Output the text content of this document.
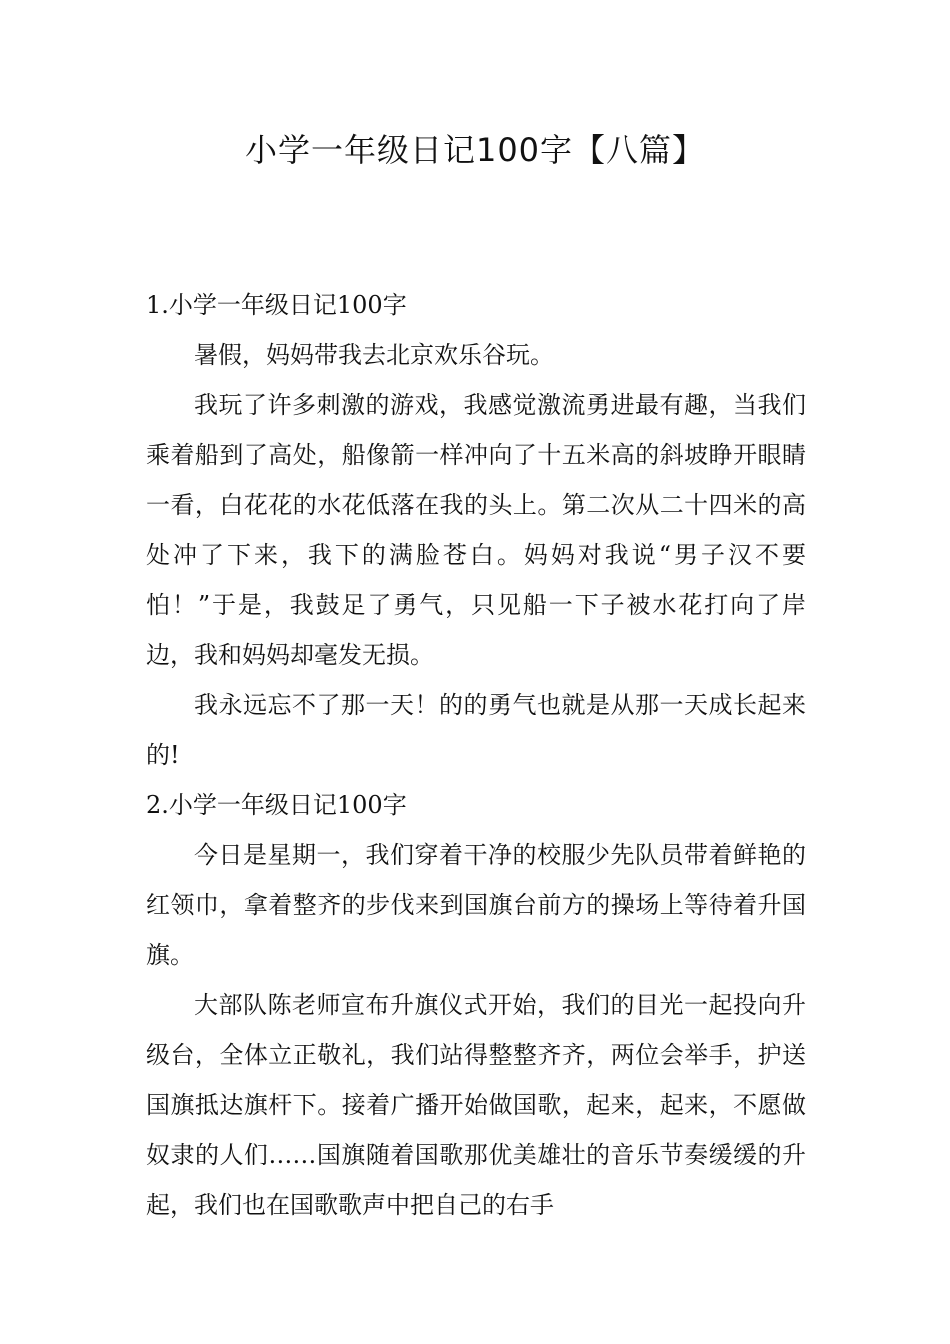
小学一年级日记100字【八篇】
1.小学一年级日记100字

暑假，妈妈带我去北京欢乐谷玩。

我玩了许多刺激的游戏，我感觉激流勇进最有趣，当我们乘着船到了高处，船像箭一样冲向了十五米高的斜坡睁开眼睛一看，白花花的水花低落在我的头上。第二次从二十四米的高处冲了下来，我下的满脸苍白。妈妈对我说“男子汉不要怕！”于是，我鼓足了勇气，只见船一下子被水花打向了岸边，我和妈妈却毫发无损。

我永远忘不了那一天！的的勇气也就是从那一天成长起来的!

2.小学一年级日记100字

今日是星期一，我们穿着干净的校服少先队员带着鲜艳的红领巾，拿着整齐的步伐来到国旗台前方的操场上等待着升国旗。

大部队陈老师宣布升旗仪式开始，我们的目光一起投向升级台，全体立正敬礼，我们站得整整齐齐，两位会举手，护送国旗抵达旗杆下。接着广播开始做国歌，起来，起来，不愿做奴隶的人们……国旗随着国歌那优美雄壮的音乐节奏缓缓的升起，我们也在国歌歌声中把自己的右手
